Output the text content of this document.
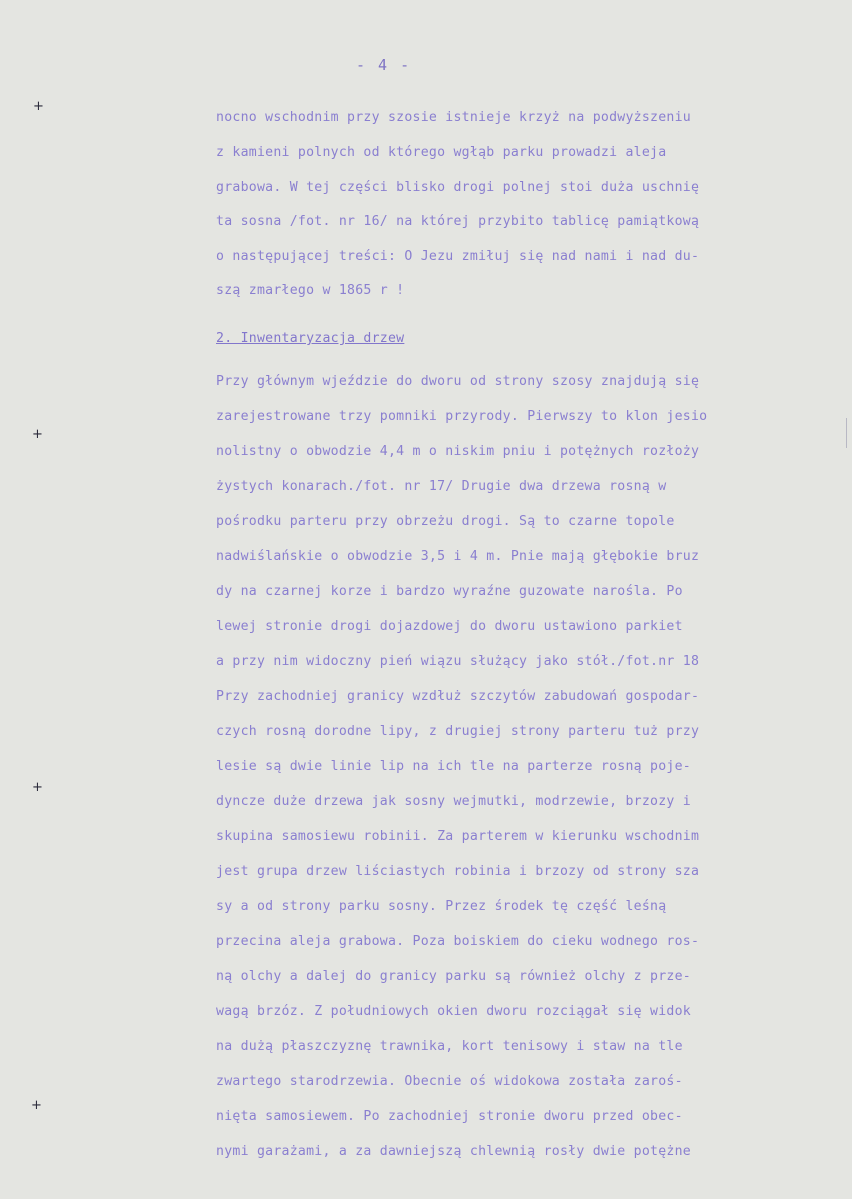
+
+
+
+
- 4 -
nocno wschodnim przy szosie istnieje krzyż na podwyższeniu
z kamieni polnych od którego wgłąb parku prowadzi aleja
grabowa. W tej części blisko drogi polnej stoi duża uschnię
ta sosna /fot. nr 16/ na której przybito tablicę pamiątkową
o następującej treści: O Jezu zmiłuj się nad nami i nad du-
szą zmarłego w 1865 r !
2. Inwentaryzacja drzew
Przy głównym wjeździe do dworu od strony szosy znajdują się
zarejestrowane trzy pomniki przyrody. Pierwszy to klon jesio
nolistny o obwodzie 4,4 m o niskim pniu i potężnych rozłoży
żystych konarach./fot. nr 17/ Drugie dwa drzewa rosną w
pośrodku parteru przy obrzeżu drogi. Są to czarne topole
nadwiślańskie o obwodzie 3,5 i 4 m. Pnie mają głębokie bruz
dy na czarnej korze i bardzo wyraźne guzowate narośla. Po
lewej stronie drogi dojazdowej do dworu ustawiono parkiet
a przy nim widoczny pień wiązu służący jako stół./fot.nr 18
Przy zachodniej granicy wzdłuż szczytów zabudowań gospodar-
czych rosną dorodne lipy, z drugiej strony parteru tuż przy
lesie są dwie linie lip na ich tle na parterze rosną poje-
dyncze duże drzewa jak sosny wejmutki, modrzewie, brzozy i
skupina samosiewu robinii. Za parterem w kierunku wschodnim
jest grupa drzew liściastych robinia i brzozy od strony sza
sy a od strony parku sosny. Przez środek tę część leśną
przecina aleja grabowa. Poza boiskiem do cieku wodnego ros-
ną olchy a dalej do granicy parku są również olchy z prze-
wagą brzóz. Z południowych okien dworu rozciągał się widok
na dużą płaszczyznę trawnika, kort tenisowy i staw na tle
zwartego starodrzewia. Obecnie oś widokowa została zaroś-
nięta samosiewem. Po zachodniej stronie dworu przed obec-
nymi garażami, a za dawniejszą chlewnią rosły dwie potężne
